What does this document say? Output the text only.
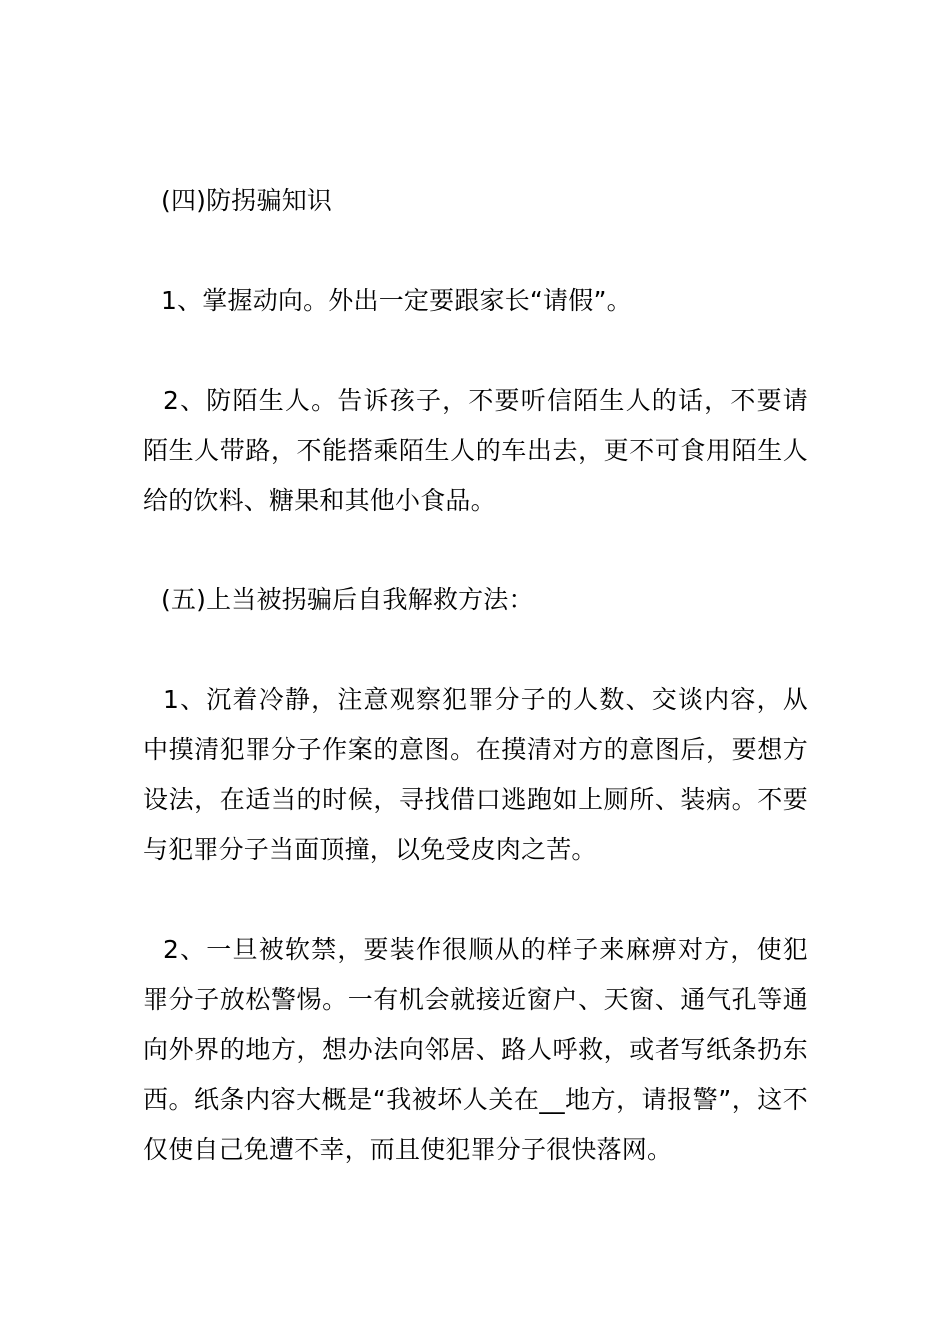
(四)防拐骗知识

1、掌握动向。外出一定要跟家长“请假”。

2、防陌生人。告诉孩子，不要听信陌生人的话，不要请陌生人带路，不能搭乘陌生人的车出去，更不可食用陌生人给的饮料、糖果和其他小食品。

(五)上当被拐骗后自我解救方法：

1、沉着冷静，注意观察犯罪分子的人数、交谈内容，从中摸清犯罪分子作案的意图。在摸清对方的意图后，要想方设法，在适当的时候，寻找借口逃跑如上厕所、装病。不要与犯罪分子当面顶撞，以免受皮肉之苦。

2、一旦被软禁，要装作很顺从的样子来麻痹对方，使犯罪分子放松警惕。一有机会就接近窗户、天窗、通气孔等通向外界的地方，想办法向邻居、路人呼救，或者写纸条扔东西。纸条内容大概是“我被坏人关在__地方，请报警”，这不仅使自己免遭不幸，而且使犯罪分子很快落网。
